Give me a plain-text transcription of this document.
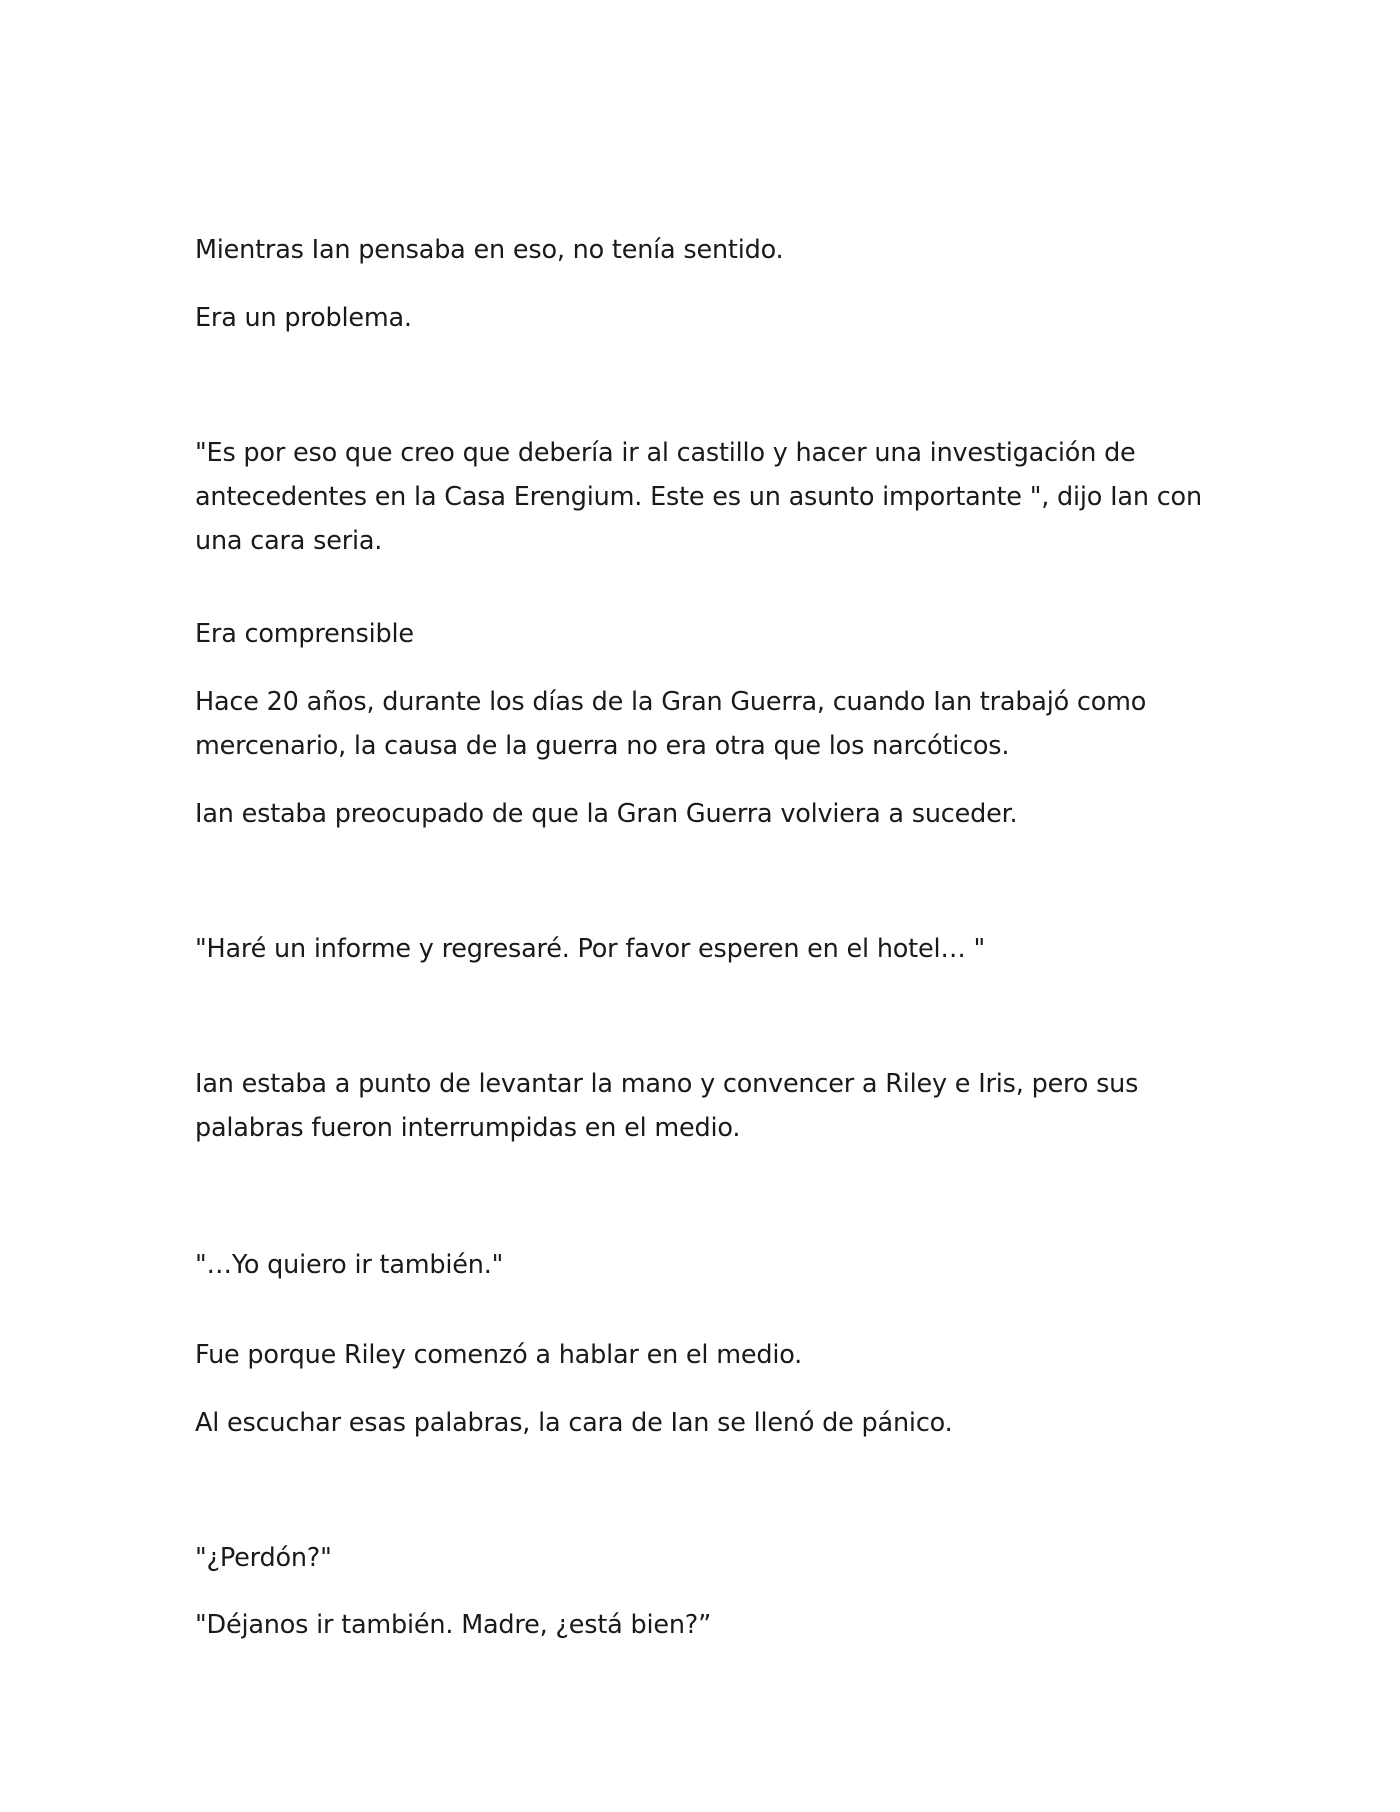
Mientras Ian pensaba en eso, no tenía sentido.

Era un problema.

"Es por eso que creo que debería ir al castillo y hacer una investigación de antecedentes en la Casa Erengium. Este es un asunto importante ", dijo Ian con una cara seria.

Era comprensible

Hace 20 años, durante los días de la Gran Guerra, cuando Ian trabajó como mercenario, la causa de la guerra no era otra que los narcóticos.

Ian estaba preocupado de que la Gran Guerra volviera a suceder.

"Haré un informe y regresaré. Por favor esperen en el hotel… "

Ian estaba a punto de levantar la mano y convencer a Riley e Iris, pero sus palabras fueron interrumpidas en el medio.

"…Yo quiero ir también."

Fue porque Riley comenzó a hablar en el medio.

Al escuchar esas palabras, la cara de Ian se llenó de pánico.

"¿Perdón?"

"Déjanos ir también. Madre, ¿está bien?”
